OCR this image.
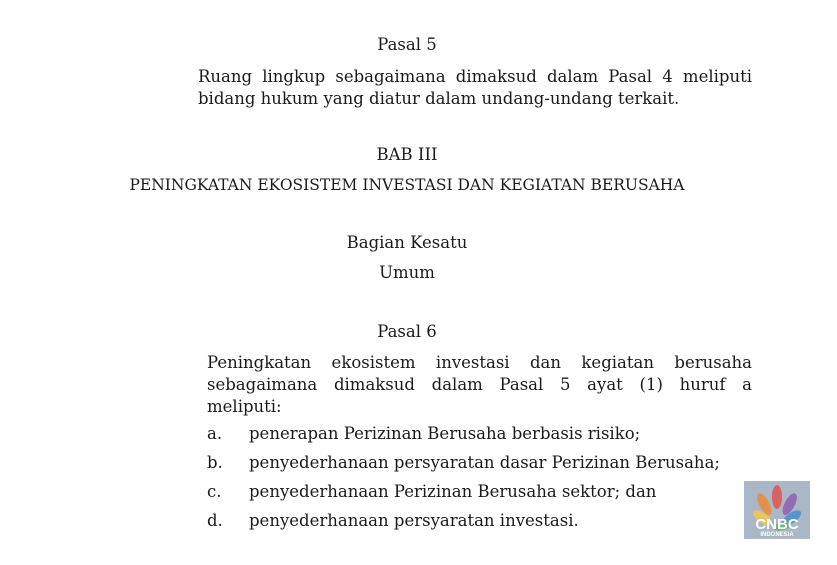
Pasal 5
Ruang lingkup sebagaimana dimaksud dalam Pasal 4 meliputi
bidang hukum yang diatur dalam undang-undang terkait.
BAB III
PENINGKATAN EKOSISTEM INVESTASI DAN KEGIATAN BERUSAHA
Bagian Kesatu
Umum
Pasal 6
Peningkatan ekosistem investasi dan kegiatan berusaha
sebagaimana dimaksud dalam Pasal 5 ayat (1) huruf a
meliputi:
a. penerapan Perizinan Berusaha berbasis risiko;
b. penyederhanaan persyaratan dasar Perizinan Berusaha;
c. penyederhanaan Perizinan Berusaha sektor; dan
d. penyederhanaan persyaratan investasi.	CNBC
INDONESIA
